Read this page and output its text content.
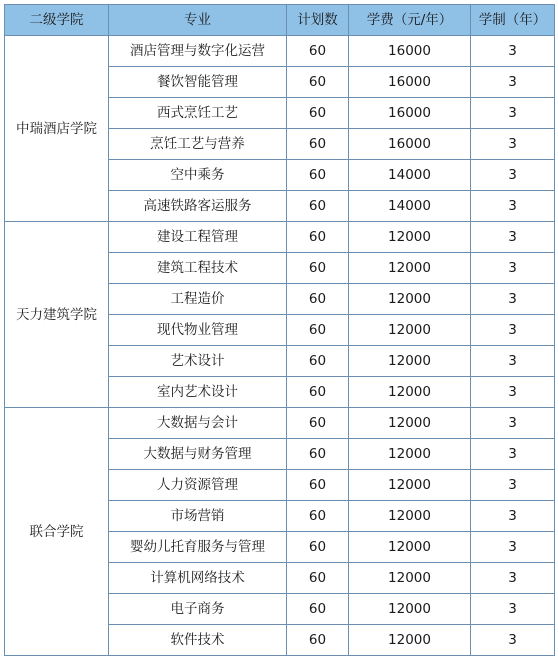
二级学院	专业	计划数	学费（元/年）	学制（年）
中瑞酒店学院	酒店管理与数字化运营	60	16000	3
	餐饮智能管理	60	16000	3
	西式烹饪工艺	60	16000	3
	烹饪工艺与营养	60	16000	3
	空中乘务	60	14000	3
	高速铁路客运服务	60	14000	3
天力建筑学院	建设工程管理	60	12000	3
	建筑工程技术	60	12000	3
	工程造价	60	12000	3
	现代物业管理	60	12000	3
	艺术设计	60	12000	3
	室内艺术设计	60	12000	3
联合学院	大数据与会计	60	12000	3
	大数据与财务管理	60	12000	3
	人力资源管理	60	12000	3
	市场营销	60	12000	3
	婴幼儿托育服务与管理	60	12000	3
	计算机网络技术	60	12000	3
	电子商务	60	12000	3
	软件技术	60	12000	3
